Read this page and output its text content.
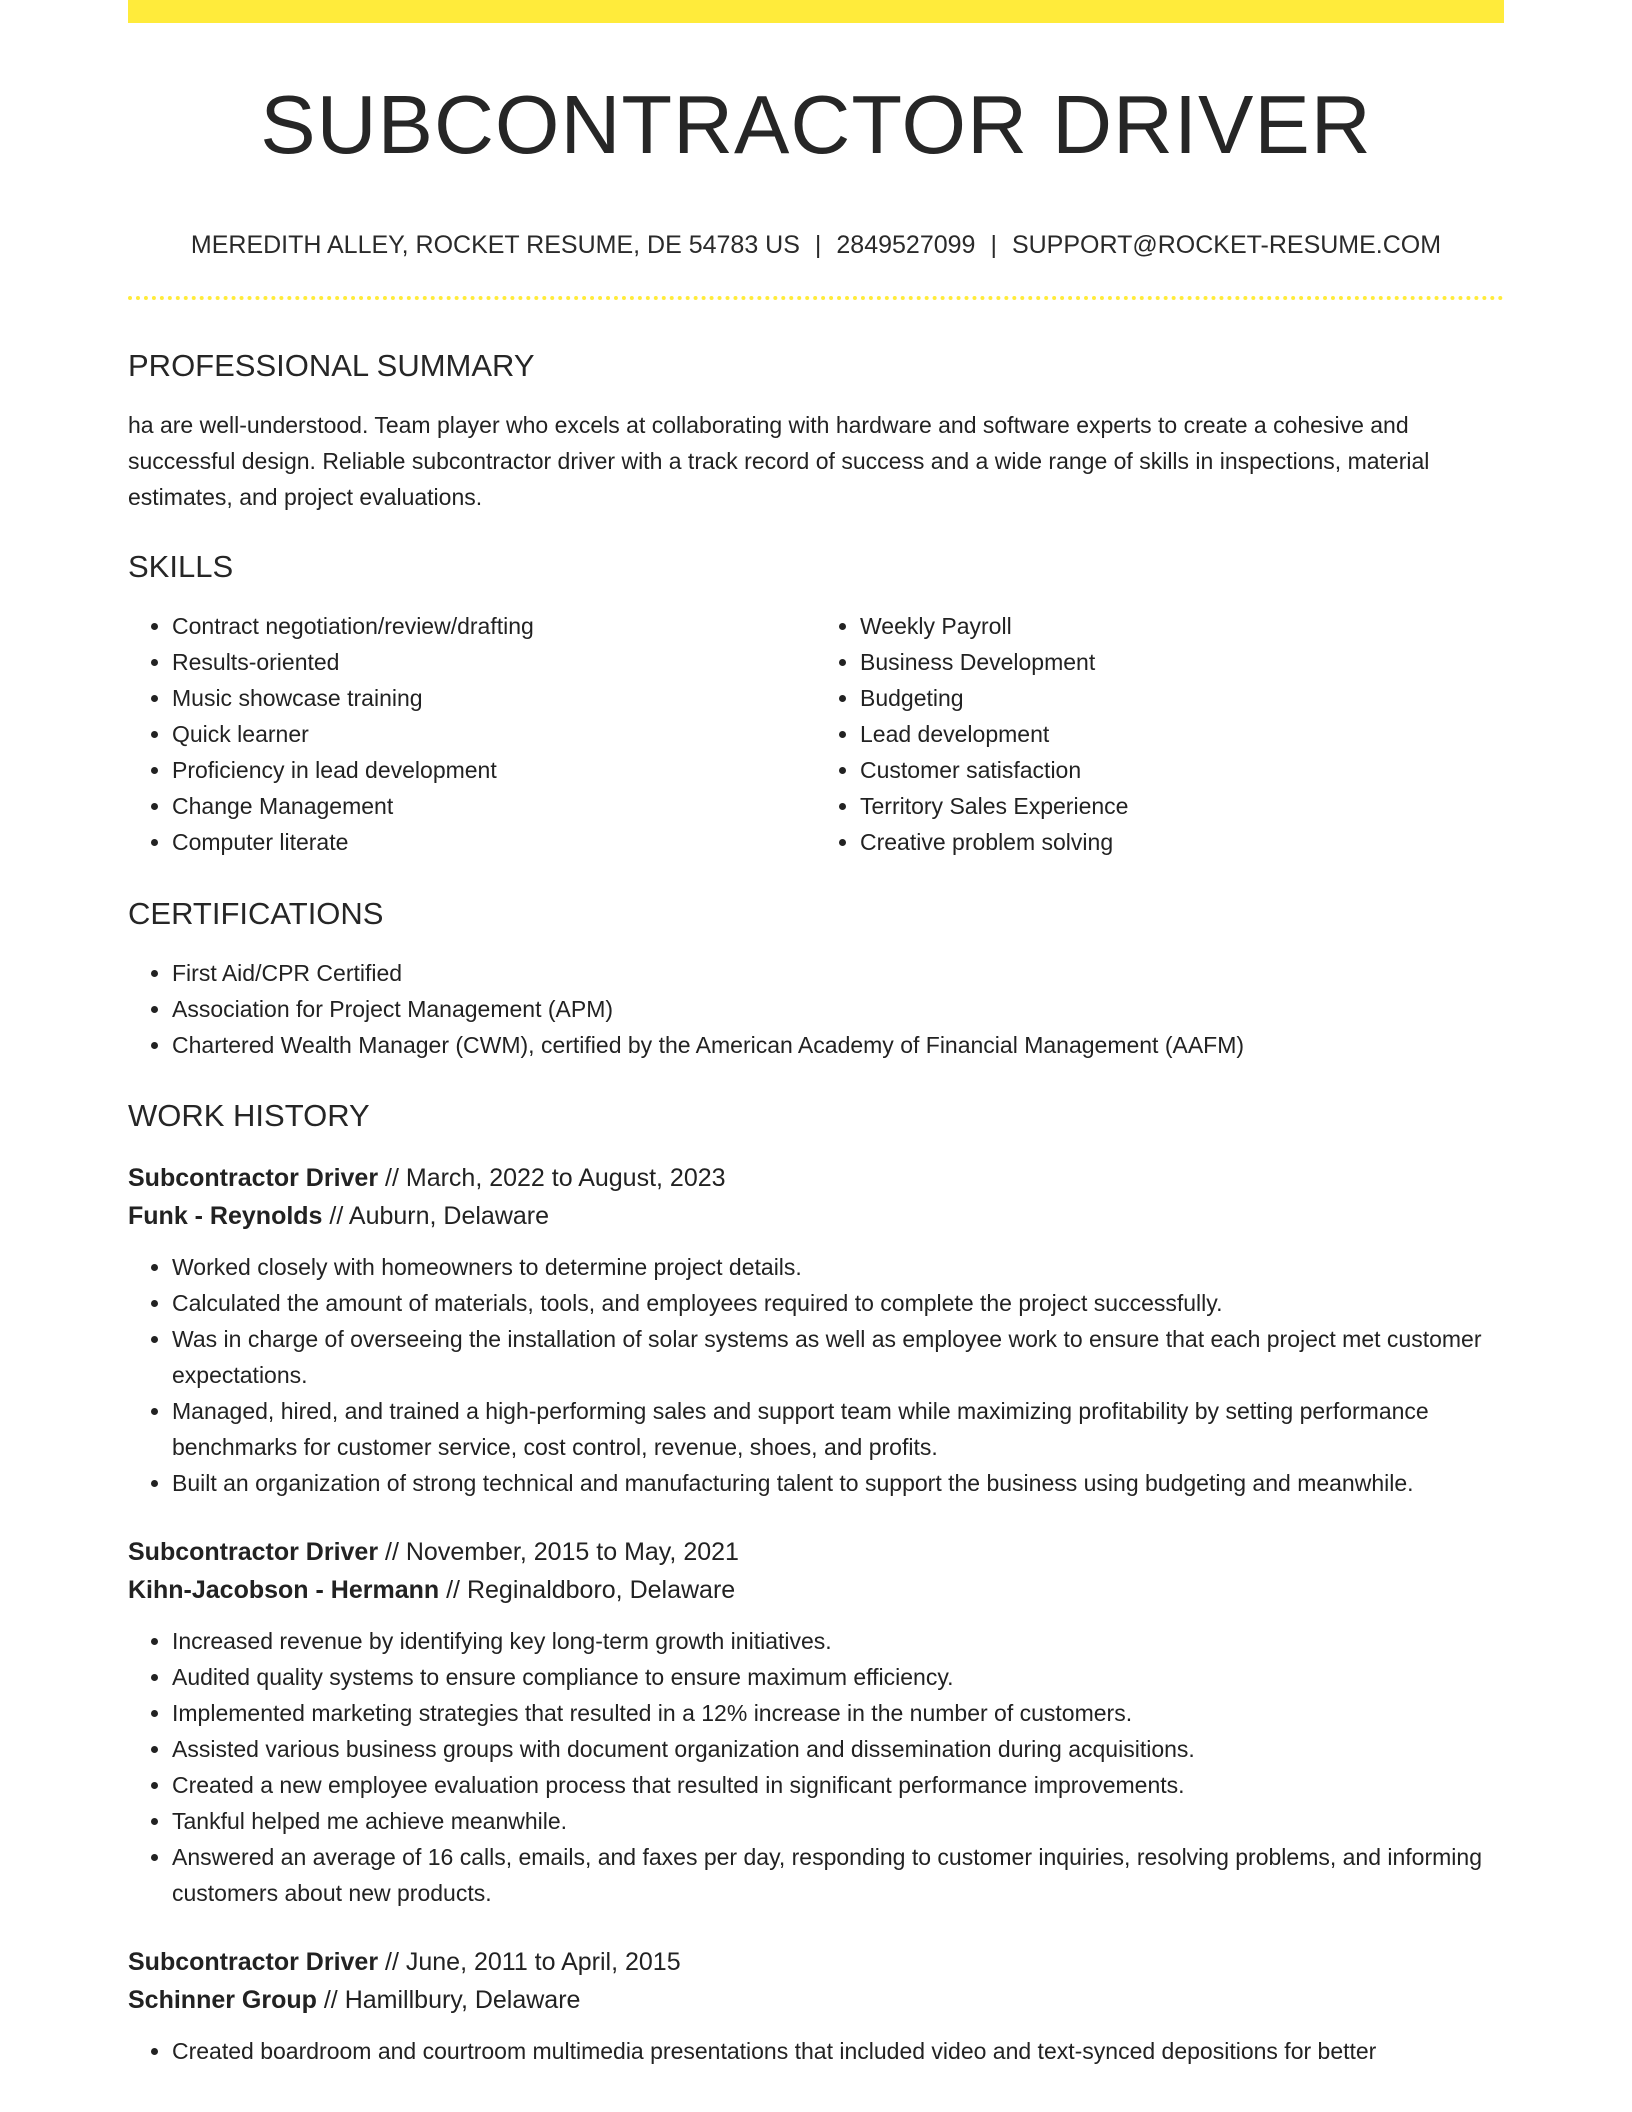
SUBCONTRACTOR DRIVER
MEREDITH ALLEY, ROCKET RESUME, DE 54783 US | 2849527099 | SUPPORT@ROCKET-RESUME.COM
PROFESSIONAL SUMMARY

ha are well-understood. Team player who excels at collaborating with hardware and software experts to create a cohesive and successful design. Reliable subcontractor driver with a track record of success and a wide range of skills in inspections, material estimates, and project evaluations.

SKILLS
• Contract negotiation/review/drafting
• Results-oriented
• Music showcase training
• Quick learner
• Proficiency in lead development
• Change Management
• Computer literate
• Weekly Payroll
• Business Development
• Budgeting
• Lead development
• Customer satisfaction
• Territory Sales Experience
• Creative problem solving
CERTIFICATIONS
• First Aid/CPR Certified
• Association for Project Management (APM)
• Chartered Wealth Manager (CWM), certified by the American Academy of Financial Management (AAFM)
WORK HISTORY
Subcontractor Driver // March, 2022 to August, 2023
Funk - Reynolds // Auburn, Delaware
• Worked closely with homeowners to determine project details.
• Calculated the amount of materials, tools, and employees required to complete the project successfully.
• Was in charge of overseeing the installation of solar systems as well as employee work to ensure that each project met customer expectations.
• Managed, hired, and trained a high-performing sales and support team while maximizing profitability by setting performance benchmarks for customer service, cost control, revenue, shoes, and profits.
• Built an organization of strong technical and manufacturing talent to support the business using budgeting and meanwhile.
Subcontractor Driver // November, 2015 to May, 2021
Kihn-Jacobson - Hermann // Reginaldboro, Delaware
• Increased revenue by identifying key long-term growth initiatives.
• Audited quality systems to ensure compliance to ensure maximum efficiency.
• Implemented marketing strategies that resulted in a 12% increase in the number of customers.
• Assisted various business groups with document organization and dissemination during acquisitions.
• Created a new employee evaluation process that resulted in significant performance improvements.
• Tankful helped me achieve meanwhile.
• Answered an average of 16 calls, emails, and faxes per day, responding to customer inquiries, resolving problems, and informing customers about new products.
Subcontractor Driver // June, 2011 to April, 2015
Schinner Group // Hamillbury, Delaware
• Created boardroom and courtroom multimedia presentations that included video and text-synced depositions for better
